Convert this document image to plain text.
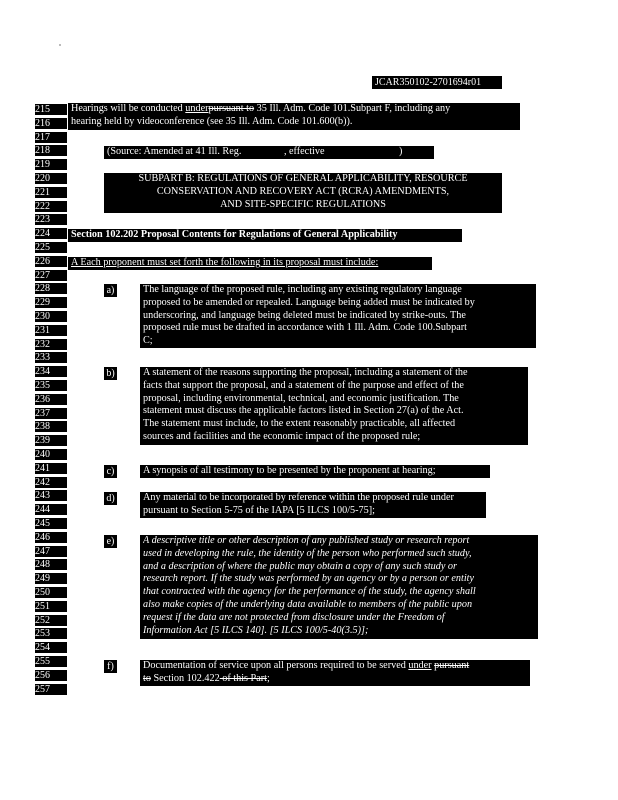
JCAR350102-2701694r01
Hearings will be conducted underpursuant to 35 Ill. Adm. Code 101.Subpart F, including any
hearing held by videoconference (see 35 Ill. Adm. Code 101.600(b)).
(Source: Amended at 41 Ill. Reg.	, effective	)
SUBPART B: REGULATIONS OF GENERAL APPLICABILITY, RESOURCE
CONSERVATION AND RECOVERY ACT (RCRA) AMENDMENTS,
AND SITE-SPECIFIC REGULATIONS
Section 102.202 Proposal Contents for Regulations of General Applicability
A Each proponent must set forth the following in its proposal must include:
a)	The language of the proposed rule, including any existing regulatory language
proposed to be amended or repealed. Language being added must be indicated by
underscoring, and language being deleted must be indicated by strike-outs. The
proposed rule must be drafted in accordance with 1 Ill. Adm. Code 100.Subpart
C;
b)	A statement of the reasons supporting the proposal, including a statement of the
facts that support the proposal, and a statement of the purpose and effect of the
proposal, including environmental, technical, and economic justification. The
statement must discuss the applicable factors listed in Section 27(a) of the Act.
The statement must include, to the extent reasonably practicable, all affected
sources and facilities and the economic impact of the proposed rule;
c)	A synopsis of all testimony to be presented by the proponent at hearing;
d)	Any material to be incorporated by reference within the proposed rule under
pursuant to Section 5-75 of the IAPA [5 ILCS 100/5-75];
e)	A descriptive title or other description of any published study or research report
used in developing the rule, the identity of the person who performed such study,
and a description of where the public may obtain a copy of any such study or
research report. If the study was performed by an agency or by a person or entity
that contracted with the agency for the performance of the study, the agency shall
also make copies of the underlying data available to members of the public upon
request if the data are not protected from disclosure under the Freedom of
Information Act [5 ILCS 140]. [5 ILCS 100/5-40(3.5)];
f)	Documentation of service upon all persons required to be served under pursuant
to Section 102.422 of this Part;
215
216
217
218
219
220
221
222
223
224
225
226
227
228
229
230
231
232
233
234
235
236
237
238
239
240
241
242
243
244
245
246
247
248
249
250
251
252
253
254
255
256
257
